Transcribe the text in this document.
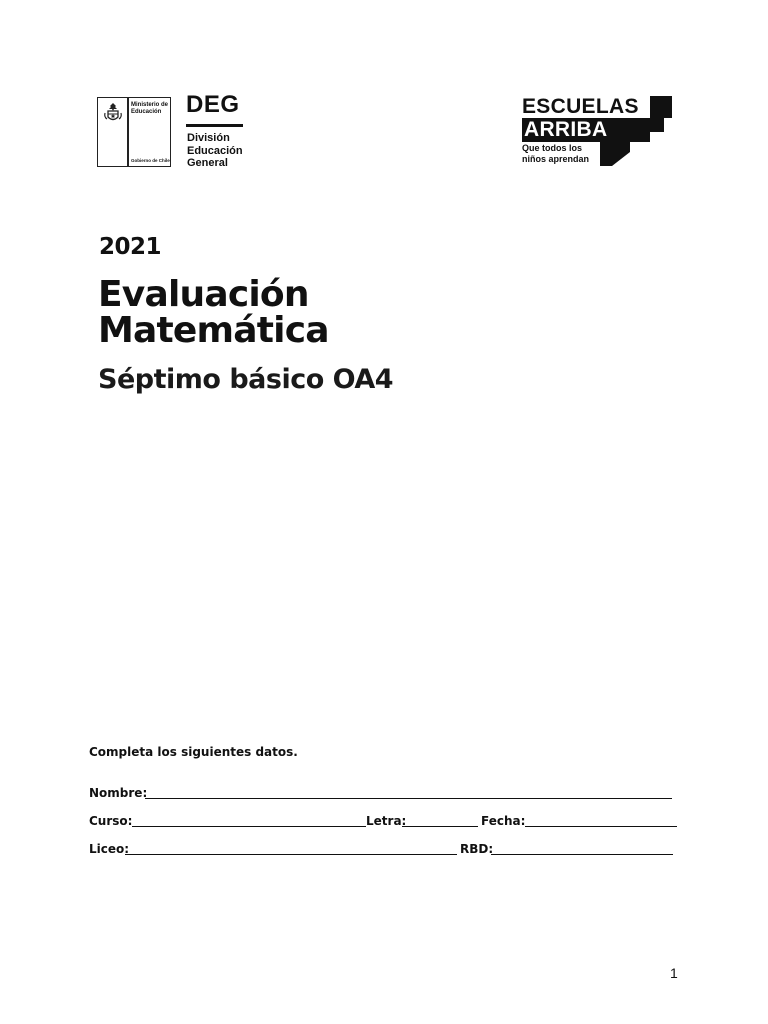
Ministerio de
Educación
Gobierno de Chile
DEG
División
Educación
General
ESCUELAS
ARRIBA
Que todos los
niños aprendan
2021
Evaluación
Matemática
Séptimo básico OA4
Completa los siguientes datos.
Nombre:
Curso:	Letra:	Fecha:
Liceo:	RBD:
1
